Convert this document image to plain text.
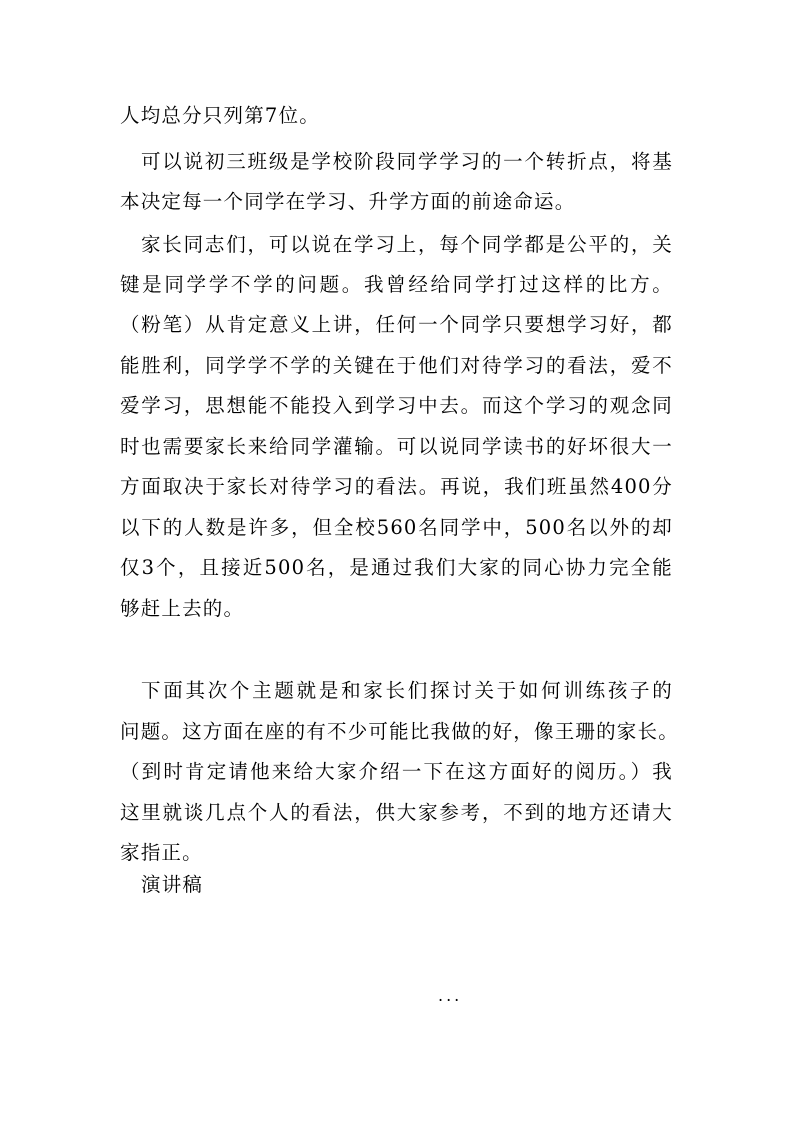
人均总分只列第7位。
可以说初三班级是学校阶段同学学习的一个转折点，将基
本决定每一个同学在学习、升学方面的前途命运。
家长同志们，可以说在学习上，每个同学都是公平的，关
键是同学学不学的问题。我曾经给同学打过这样的比方。
（粉笔）从肯定意义上讲，任何一个同学只要想学习好，都
能胜利，同学学不学的关键在于他们对待学习的看法，爱不
爱学习，思想能不能投入到学习中去。而这个学习的观念同
时也需要家长来给同学灌输。可以说同学读书的好坏很大一
方面取决于家长对待学习的看法。再说，我们班虽然400分
以下的人数是许多，但全校560名同学中，500名以外的却
仅3个，且接近500名，是通过我们大家的同心协力完全能
够赶上去的。
下面其次个主题就是和家长们探讨关于如何训练孩子的
问题。这方面在座的有不少可能比我做的好，像王珊的家长。
（到时肯定请他来给大家介绍一下在这方面好的阅历。）我
这里就谈几点个人的看法，供大家参考，不到的地方还请大
家指正。
演讲稿
...
